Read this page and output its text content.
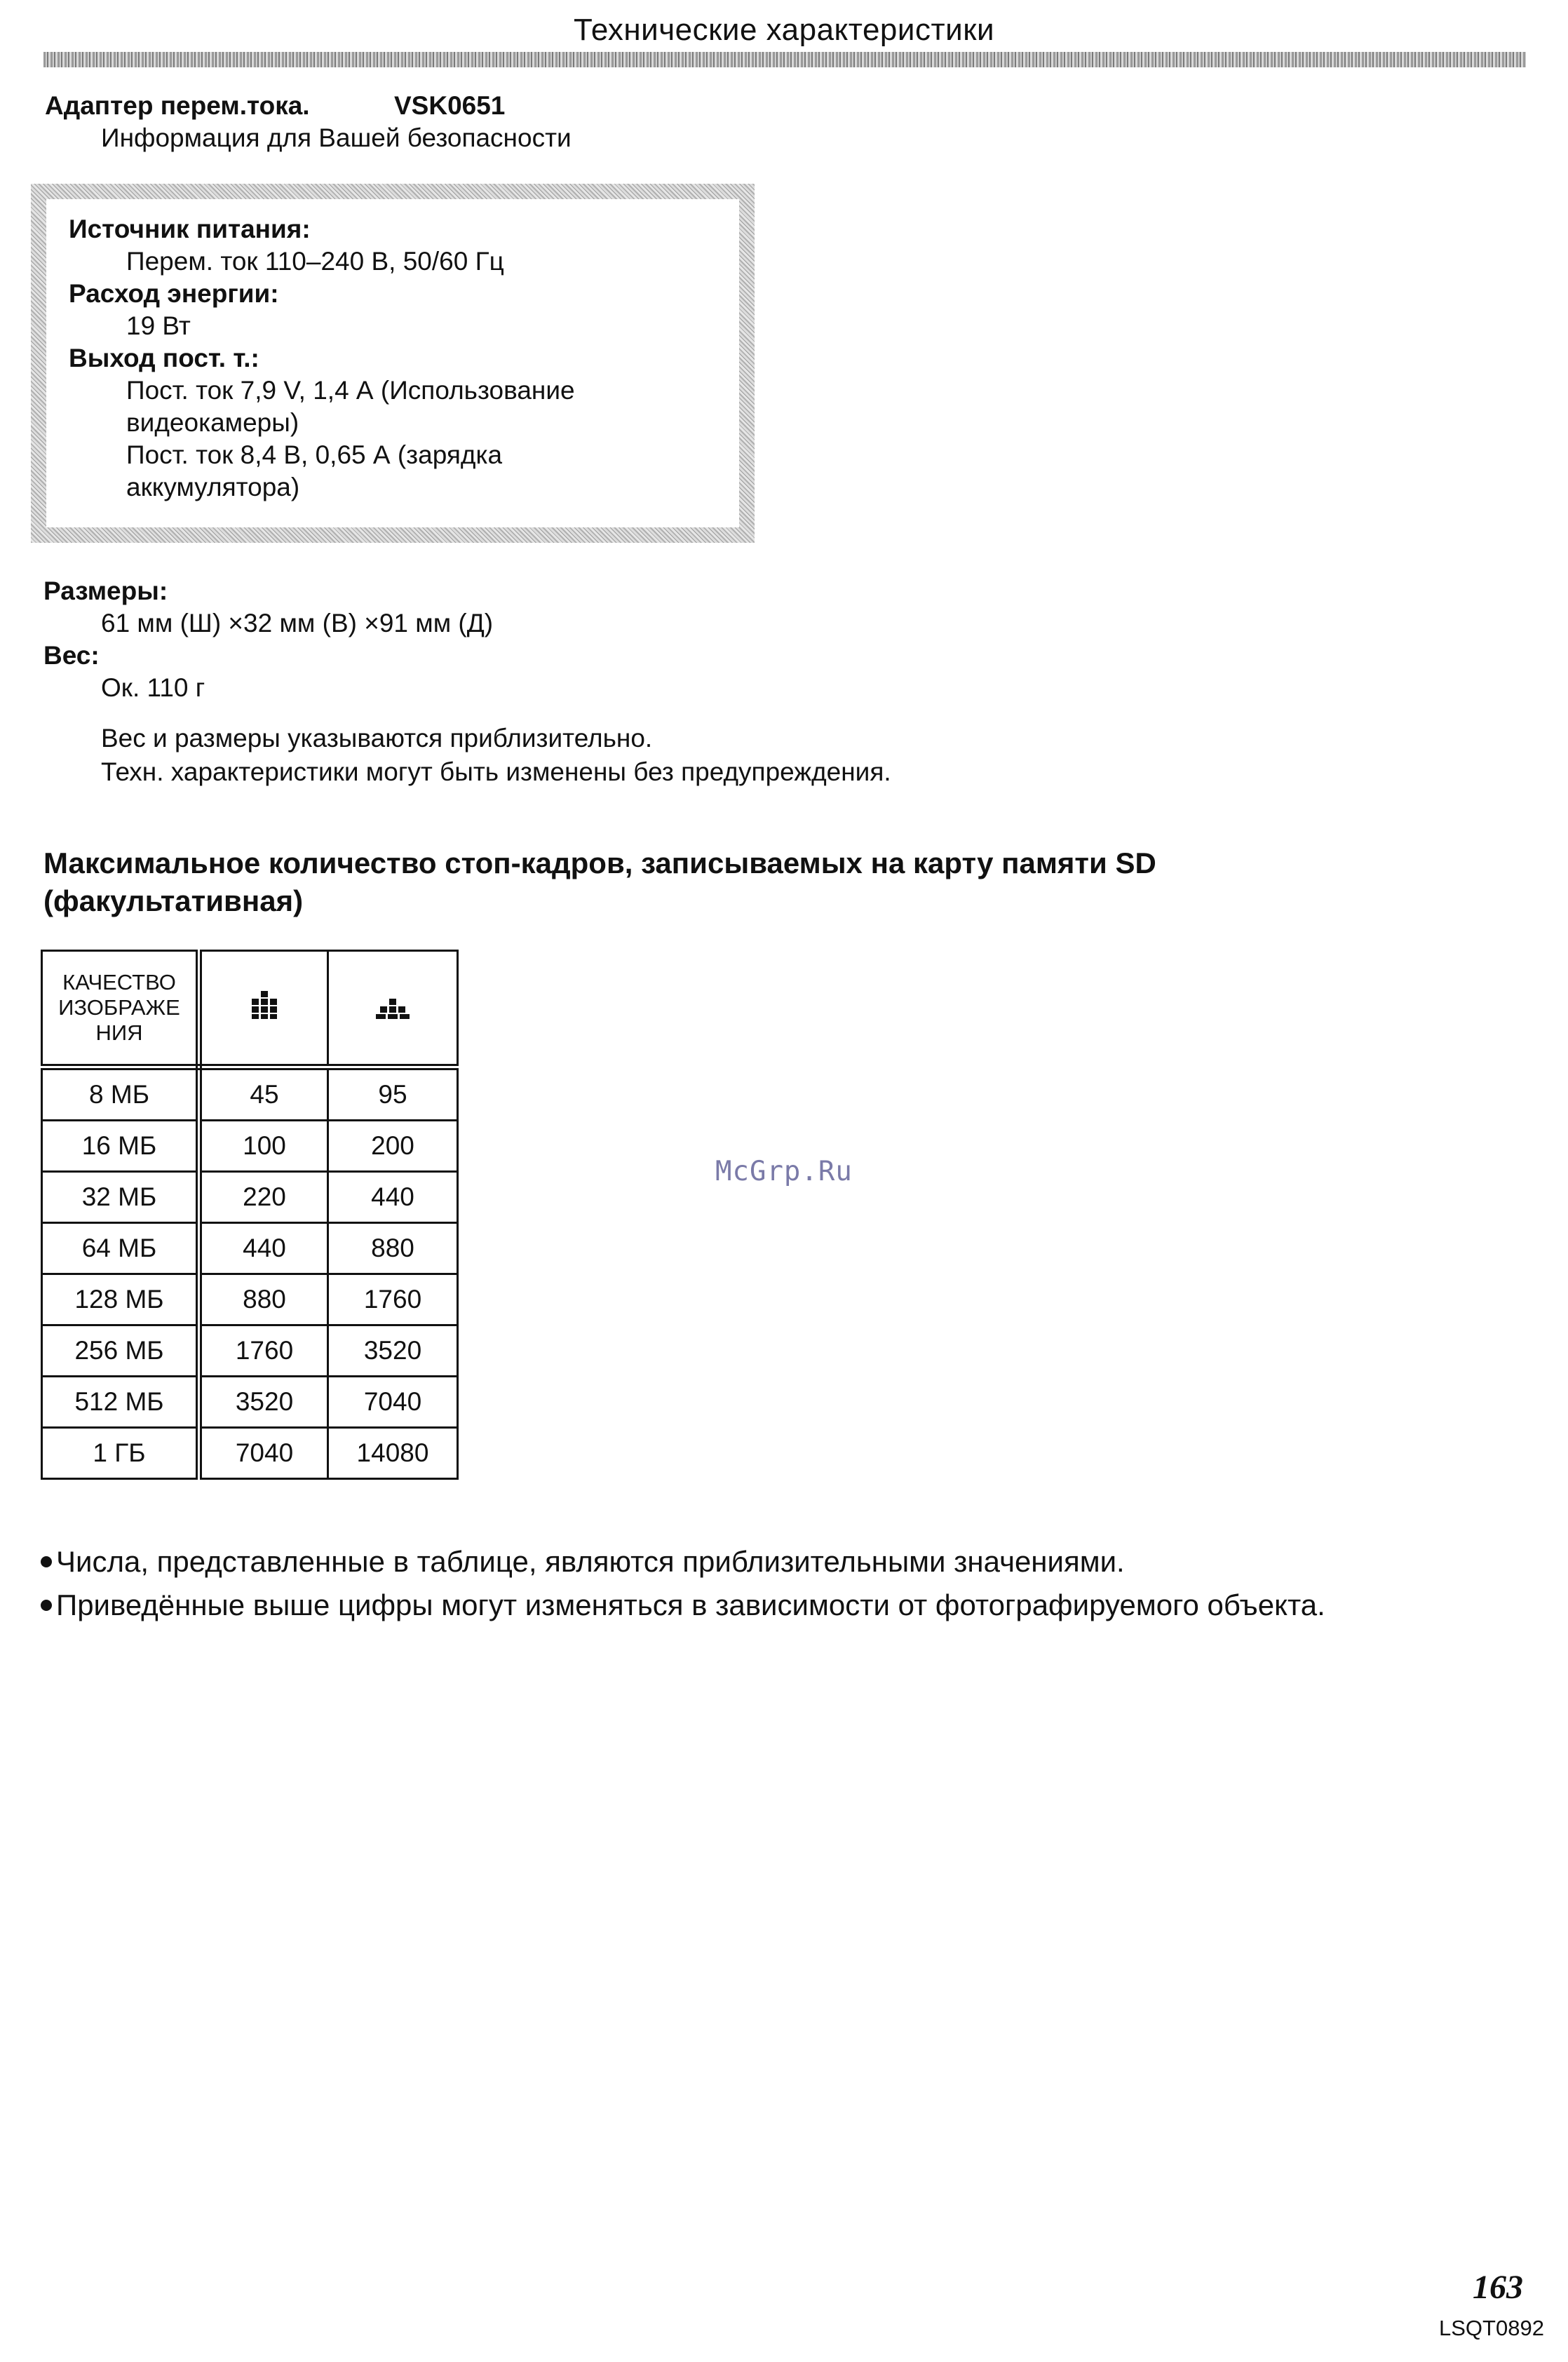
Технические характеристики
Адаптер перем.тока.	VSK0651
Информация для Вашей безопасности
Источник питания:
Перем. ток 110–240 В, 50/60 Гц
Расход энергии:
19 Вт
Выход пост. т.:
Пост. ток 7,9 V, 1,4 А (Использование
видеокамеры)
Пост. ток 8,4 В, 0,65 А (зарядка
аккумулятора)
Размеры:
61 мм (Ш) ×32 мм (В) ×91 мм (Д)
Вес:
Ок. 110 г
Вес и размеры указываются приблизительно.
Техн. характеристики могут быть изменены без предупреждения.
Максимальное количество стоп-кадров, записываемых на карту памяти SD
(факультативная)
КАЧЕСТВО
ИЗОБРАЖЕ
НИЯ		

8 МБ	45	95
16 МБ	100	200
32 МБ	220	440
64 МБ	440	880
128 МБ	880	1760
256 МБ	1760	3520
512 МБ	3520	7040
1 ГБ	7040	14080
McGrp.Ru
Числа, представленные в таблице, являются приблизительными значениями.
Приведённые выше цифры могут изменяться в зависимости от фотографируемого объекта.
163
LSQT0892
